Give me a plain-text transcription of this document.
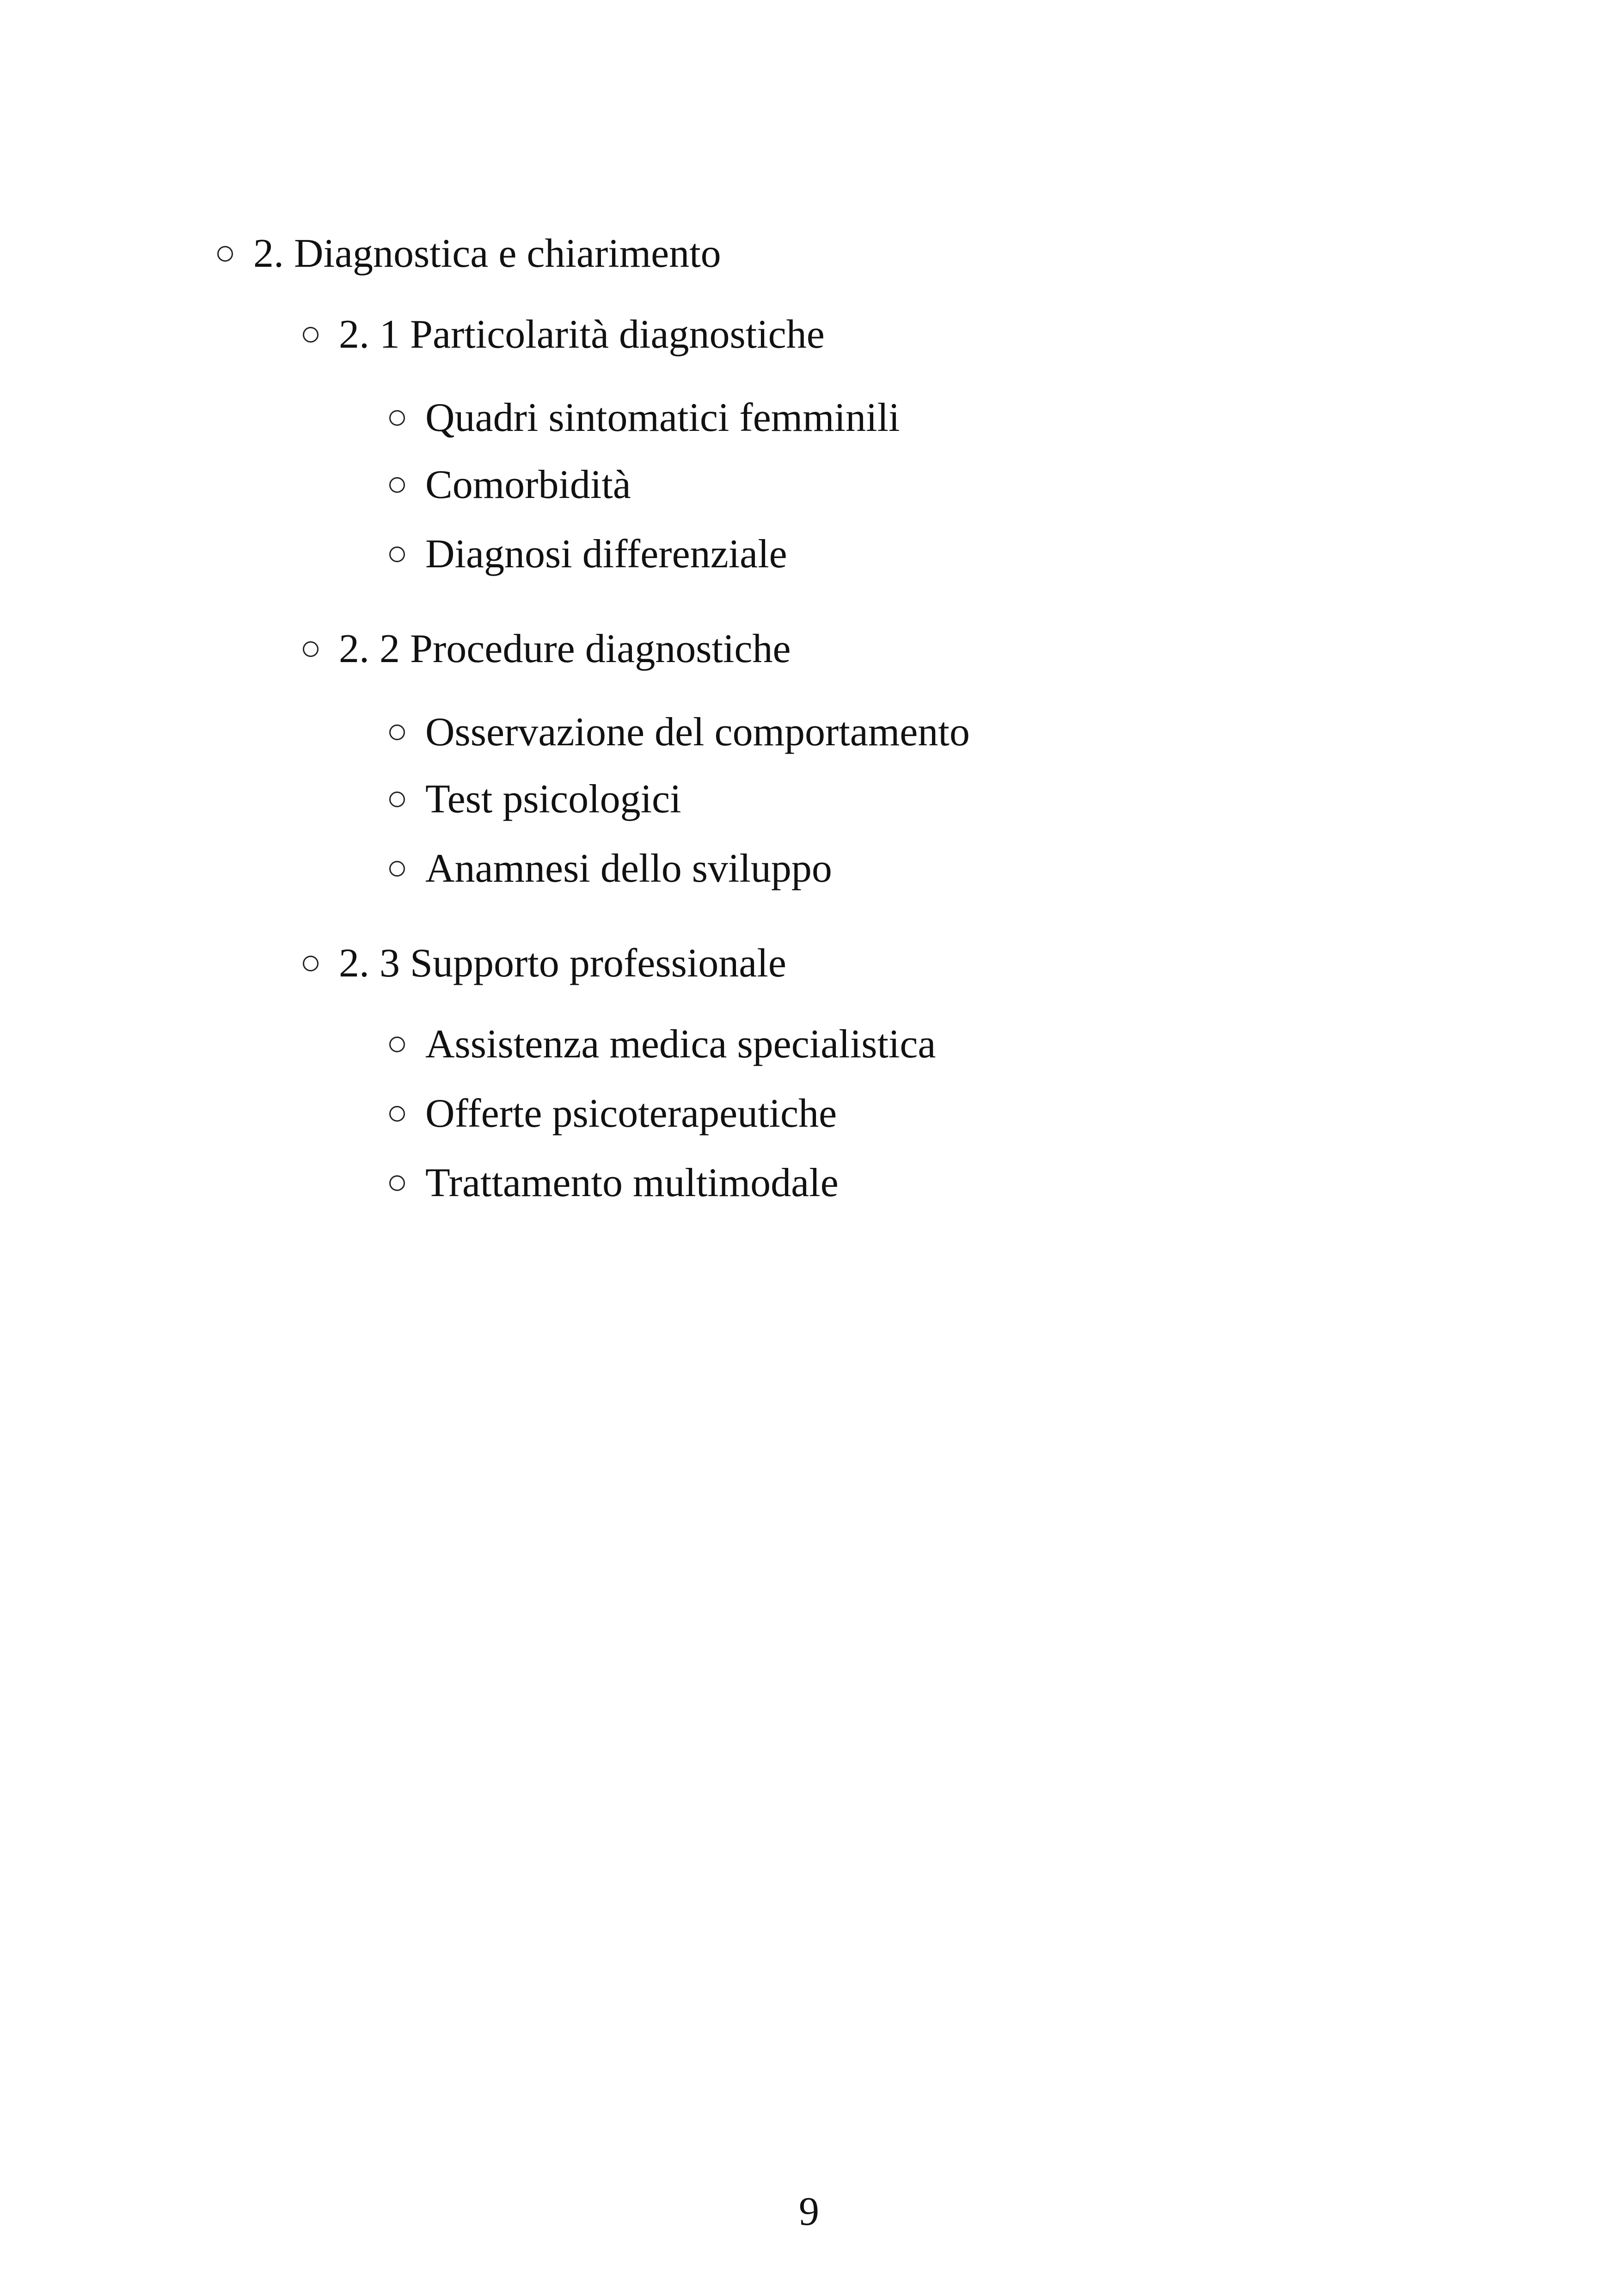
2. Diagnostica e chiarimento
2. 1 Particolarità diagnostiche
Quadri sintomatici femminili
Comorbidità
Diagnosi differenziale
2. 2 Procedure diagnostiche
Osservazione del comportamento
Test psicologici
Anamnesi dello sviluppo
2. 3 Supporto professionale
Assistenza medica specialistica
Offerte psicoterapeutiche
Trattamento multimodale
9
